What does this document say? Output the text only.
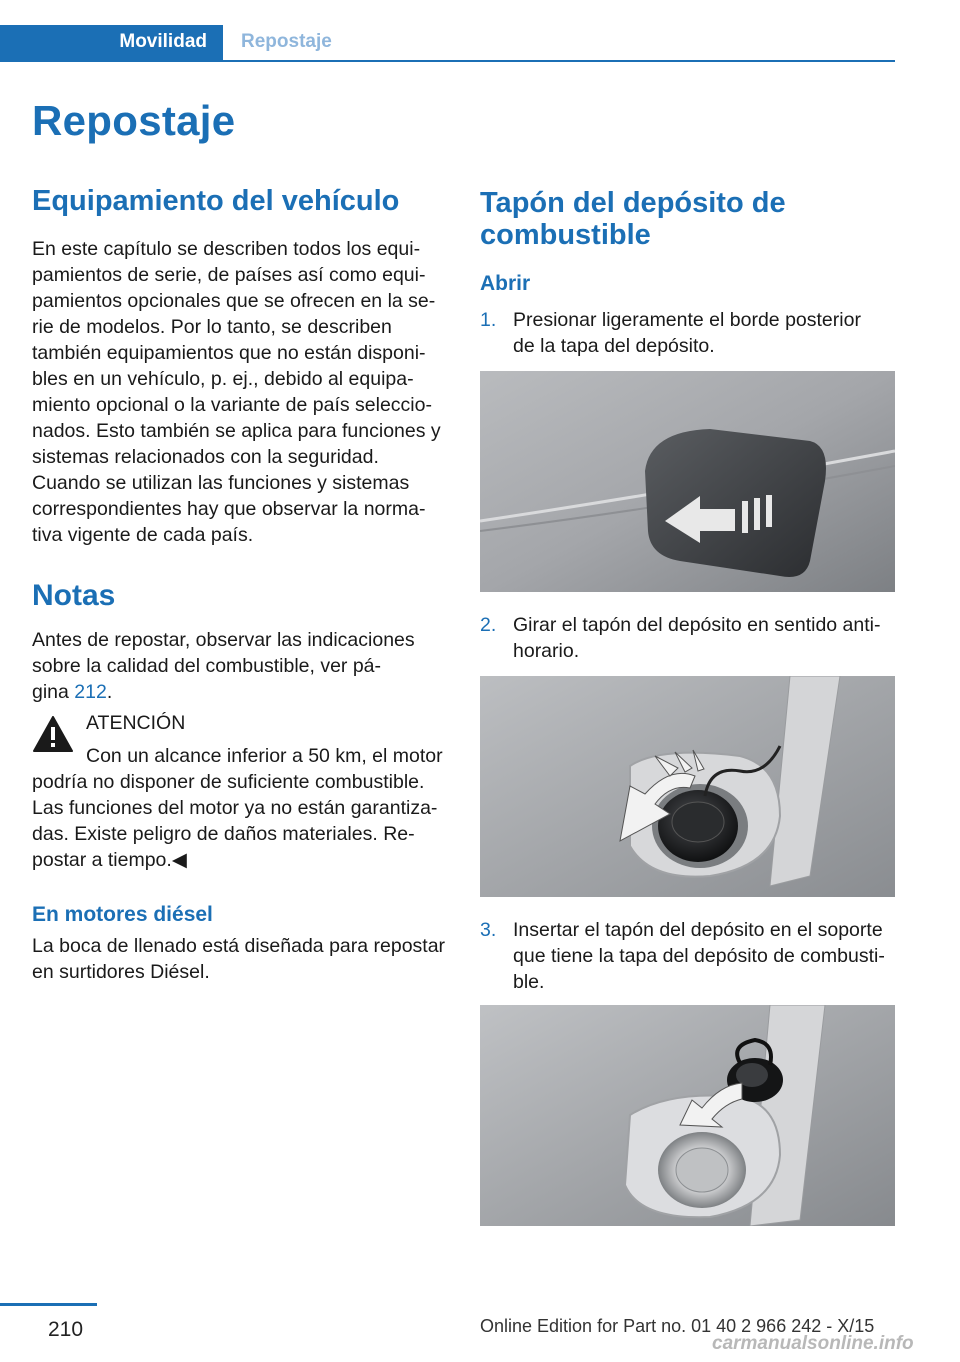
Movilidad Repostaje
Repostaje
Equipamiento del vehículo

En este capítulo se describen todos los equi‐

pamientos de serie, de países así como equi‐

pamientos opcionales que se ofrecen en la se‐

rie de modelos. Por lo tanto, se describen

también equipamientos que no están disponi‐

bles en un vehículo, p. ej., debido al equipa‐

miento opcional o la variante de país seleccio‐

nados. Esto también se aplica para funciones y

sistemas relacionados con la seguridad.

Cuando se utilizan las funciones y sistemas

correspondientes hay que observar la norma‐

tiva vigente de cada país.

Notas

Antes de repostar, observar las indicaciones

sobre la calidad del combustible, ver pá‐

gina 212.

ATENCIÓN

Con un alcance inferior a 50 km, el motor

podría no disponer de suficiente combustible.

Las funciones del motor ya no están garantiza‐

das. Existe peligro de daños materiales. Re‐

postar a tiempo.◀

En motores diésel

La boca de llenado está diseñada para repostar

en surtidores Diésel.

Tapón del depósito de
combustible
Abrir
1. Presionar ligeramente el borde posterior

de la tapa del depósito.

2. Girar el tapón del depósito en sentido anti‐

horario.

3. Insertar el tapón del depósito en el soporte

que tiene la tapa del depósito de combusti‐

ble.

210	Online Edition for Part no. 01 40 2 966 242 - X/15
carmanualsonline.info
